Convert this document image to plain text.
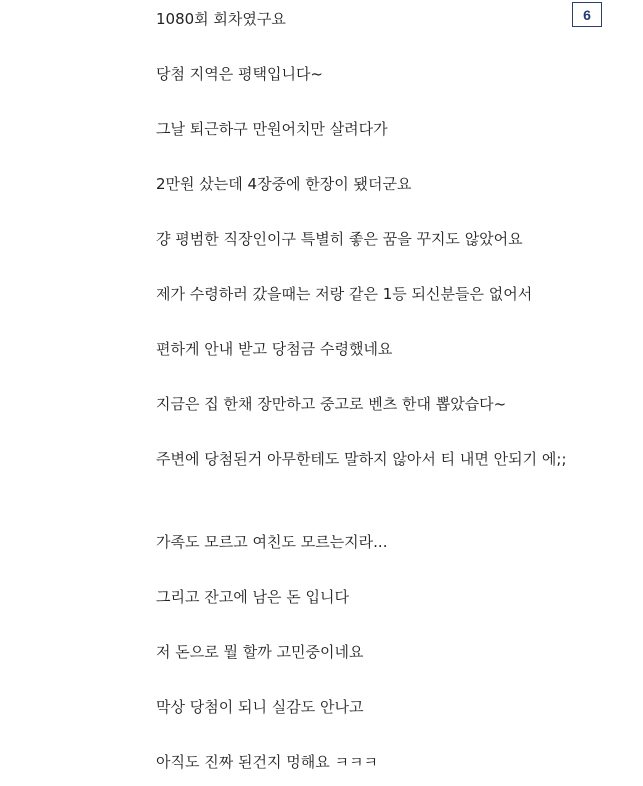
6
1080회 회차였구요
당첨 지역은 평택입니다~
그날 퇴근하구 만원어치만 살려다가
2만원 샀는데 4장중에 한장이 됐더군요
걍 평범한 직장인이구 특별히 좋은 꿈을 꾸지도 않았어요
제가 수령하러 갔을때는 저랑 같은 1등 되신분들은 없어서
편하게 안내 받고 당첨금 수령했네요
지금은 집 한채 장만하고 중고로 벤츠 한대 뽑았습다~
주변에 당첨된거 아무한테도 말하지 않아서 티 내면 안되기 에;;
가족도 모르고 여친도 모르는지라...
그리고 잔고에 남은 돈 입니다
저 돈으로 뭘 할까 고민중이네요
막상 당첨이 되니 실감도 안나고
아직도 진짜 된건지 멍해요 ㅋㅋㅋ
